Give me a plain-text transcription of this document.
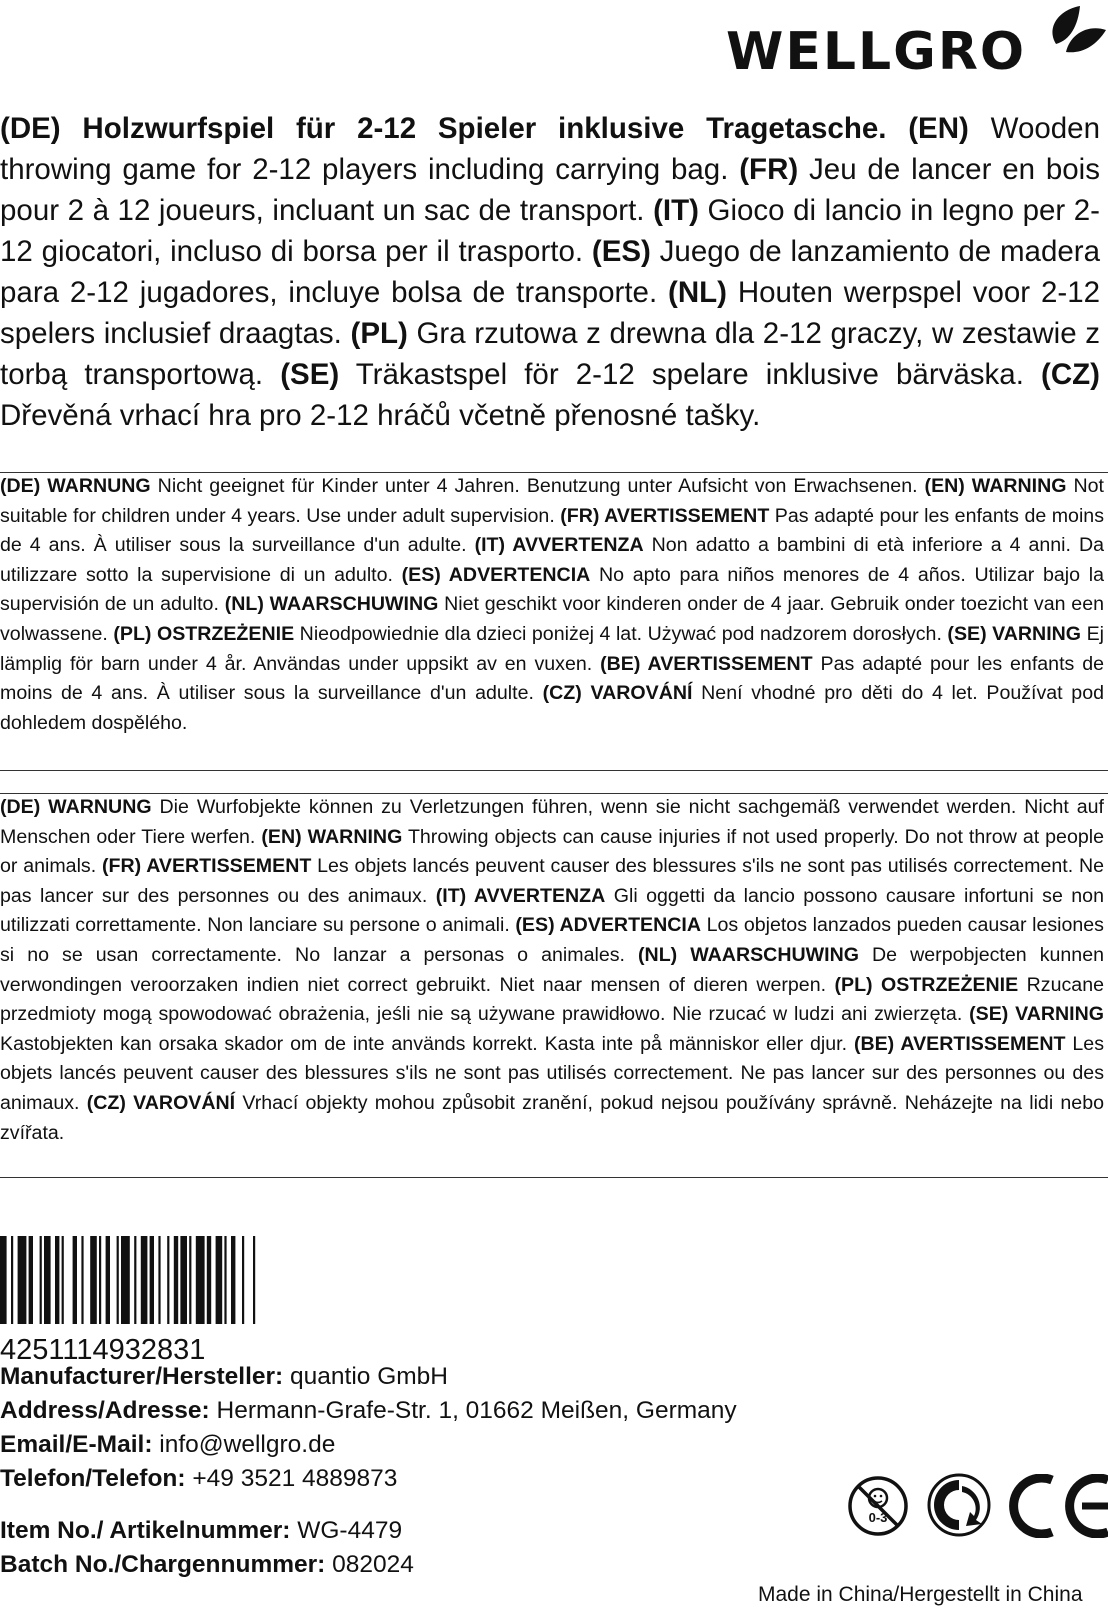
WELLGRO

(DE) Holzwurfspiel für 2-12 Spieler inklusive Tragetasche. (EN) Wooden throwing game for 2-12 players including carrying bag. (FR) Jeu de lancer en bois pour 2 à 12 joueurs, incluant un sac de transport. (IT) Gioco di lancio in legno per 2-12 giocatori, incluso di borsa per il trasporto. (ES) Juego de lanzamiento de madera para 2-12 jugadores, incluye bolsa de transporte. (NL) Houten werpspel voor 2-12 spelers inclusief draagtas. (PL) Gra rzutowa z drewna dla 2-12 graczy, w zestawie z torbą transportową. (SE) Träkastspel för 2-12 spelare inklusive bärväska. (CZ) Dřevěná vrhací hra pro 2-12 hráčů včetně přenosné tašky.

(DE) WARNUNG Nicht geeignet für Kinder unter 4 Jahren. Benutzung unter Aufsicht von Erwachsenen. (EN) WARNING Not suitable for children under 4 years. Use under adult supervision. (FR) AVERTISSEMENT Pas adapté pour les enfants de moins de 4 ans. À utiliser sous la surveillance d'un adulte. (IT) AVVERTENZA Non adatto a bambini di età inferiore a 4 anni. Da utilizzare sotto la supervisione di un adulto. (ES) ADVERTENCIA No apto para niños menores de 4 años. Utilizar bajo la supervisión de un adulto. (NL) WAARSCHUWING Niet geschikt voor kinderen onder de 4 jaar. Gebruik onder toezicht van een volwassene. (PL) OSTRZEŻENIE Nieodpowiednie dla dzieci poniżej 4 lat. Używać pod nadzorem dorosłych. (SE) VARNING Ej lämplig för barn under 4 år. Användas under uppsikt av en vuxen. (BE) AVERTISSEMENT Pas adapté pour les enfants de moins de 4 ans. À utiliser sous la surveillance d'un adulte. (CZ) VAROVÁNÍ Není vhodné pro děti do 4 let. Používat pod dohledem dospělého.

(DE) WARNUNG Die Wurfobjekte können zu Verletzungen führen, wenn sie nicht sachgemäß verwendet werden. Nicht auf Menschen oder Tiere werfen. (EN) WARNING Throwing objects can cause injuries if not used properly. Do not throw at people or animals. (FR) AVERTISSEMENT Les objets lancés peuvent causer des blessures s'ils ne sont pas utilisés correctement. Ne pas lancer sur des personnes ou des animaux. (IT) AVVERTENZA Gli oggetti da lancio possono causare infortuni se non utilizzati correttamente. Non lanciare su persone o animali. (ES) ADVERTENCIA Los objetos lanzados pueden causar lesiones si no se usan correctamente. No lanzar a personas o animales. (NL) WAARSCHUWING De werpobjecten kunnen verwondingen veroorzaken indien niet correct gebruikt. Niet naar mensen of dieren werpen. (PL) OSTRZEŻENIE Rzucane przedmioty mogą spowodować obrażenia, jeśli nie są używane prawidłowo. Nie rzucać w ludzi ani zwierzęta. (SE) VARNING Kastobjekten kan orsaka skador om de inte används korrekt. Kasta inte på människor eller djur. (BE) AVERTISSEMENT Les objets lancés peuvent causer des blessures s'ils ne sont pas utilisés correctement. Ne pas lancer sur des personnes ou des animaux. (CZ) VAROVÁNÍ Vrhací objekty mohou způsobit zranění, pokud nejsou používány správně. Neházejte na lidi nebo zvířata.

4251114932831
Manufacturer/Hersteller: quantio GmbH
Address/Adresse: Hermann-Grafe-Str. 1, 01662 Meißen, Germany
Email/E-Mail: info@wellgro.de
Telefon/Telefon: +49 3521 4889873
Item No./ Artikelnummer: WG-4479
Batch No./Chargennummer: 082024
0-3
Made in China/Hergestellt in China
